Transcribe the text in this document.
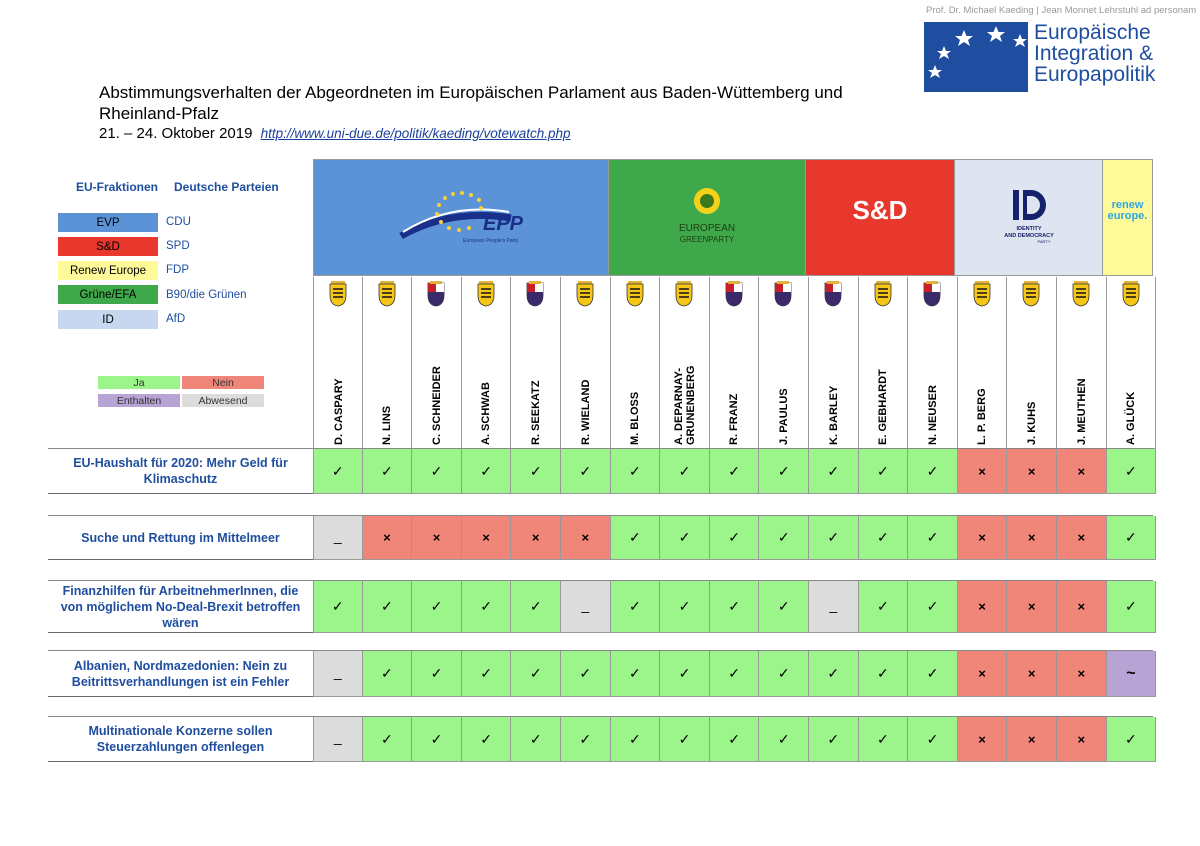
Prof. Dr. Michael Kaeding | Jean Monnet Lehrstuhl ad personam
Europäische
Integration &
Europapolitik
Abstimmungsverhalten der Abgeordneten im Europäischen Parlament aus Baden-Wüttemberg und Rheinland-Pfalz
21. – 24. Oktober 2019 http://www.uni-due.de/politik/kaeding/votewatch.php
EU-Fraktionen Deutsche Parteien
EVP	CDU
S&D	SPD
Renew Europe	FDP
Grüne/EFA	B90/die Grünen
ID	AfD
Ja	Nein
Enthalten	Abwesend
EPP
European People's Party
EUROPEAN
GREENPARTY
S&D
IDENTITY
AND DEMOCRACY
PARTY
renew
europe.
D. CASPARY	N. LINS	C. SCHNEIDER	A. SCHWAB	R. SEEKATZ	R. WIELAND	M. BLOSS	A. DEPARNAY- GRUNENBERG	R. FRANZ	J. PAULUS	K. BARLEY	E. GEBHARDT	N. NEUSER	L. P. BERG	J. KUHS	J. MEUTHEN	A. GLÜCK
EU-Haushalt für 2020: Mehr Geld für Klimaschutz
✓	✓	✓	✓	✓	✓	✓	✓	✓	✓	✓	✓	✓	×	×	×	✓
Suche und Rettung im Mittelmeer	_	×	×	×	×	×	✓	✓	✓	✓	✓	✓	✓	×	×	×	✓
Finanzhilfen für ArbeitnehmerInnen, die von möglichem No-Deal-Brexit betroffen wären
✓	✓	✓	✓	✓	_	✓	✓	✓	✓	_	✓	✓	×	×	×	✓
Albanien, Nordmazedonien: Nein zu Beitrittsverhandlungen ist ein Fehler
_	✓	✓	✓	✓	✓	✓	✓	✓	✓	✓	✓	✓	×	×	×	~
Multinationale Konzerne sollen Steuerzahlungen offenlegen
_	✓	✓	✓	✓	✓	✓	✓	✓	✓	✓	✓	✓	×	×	×	✓
